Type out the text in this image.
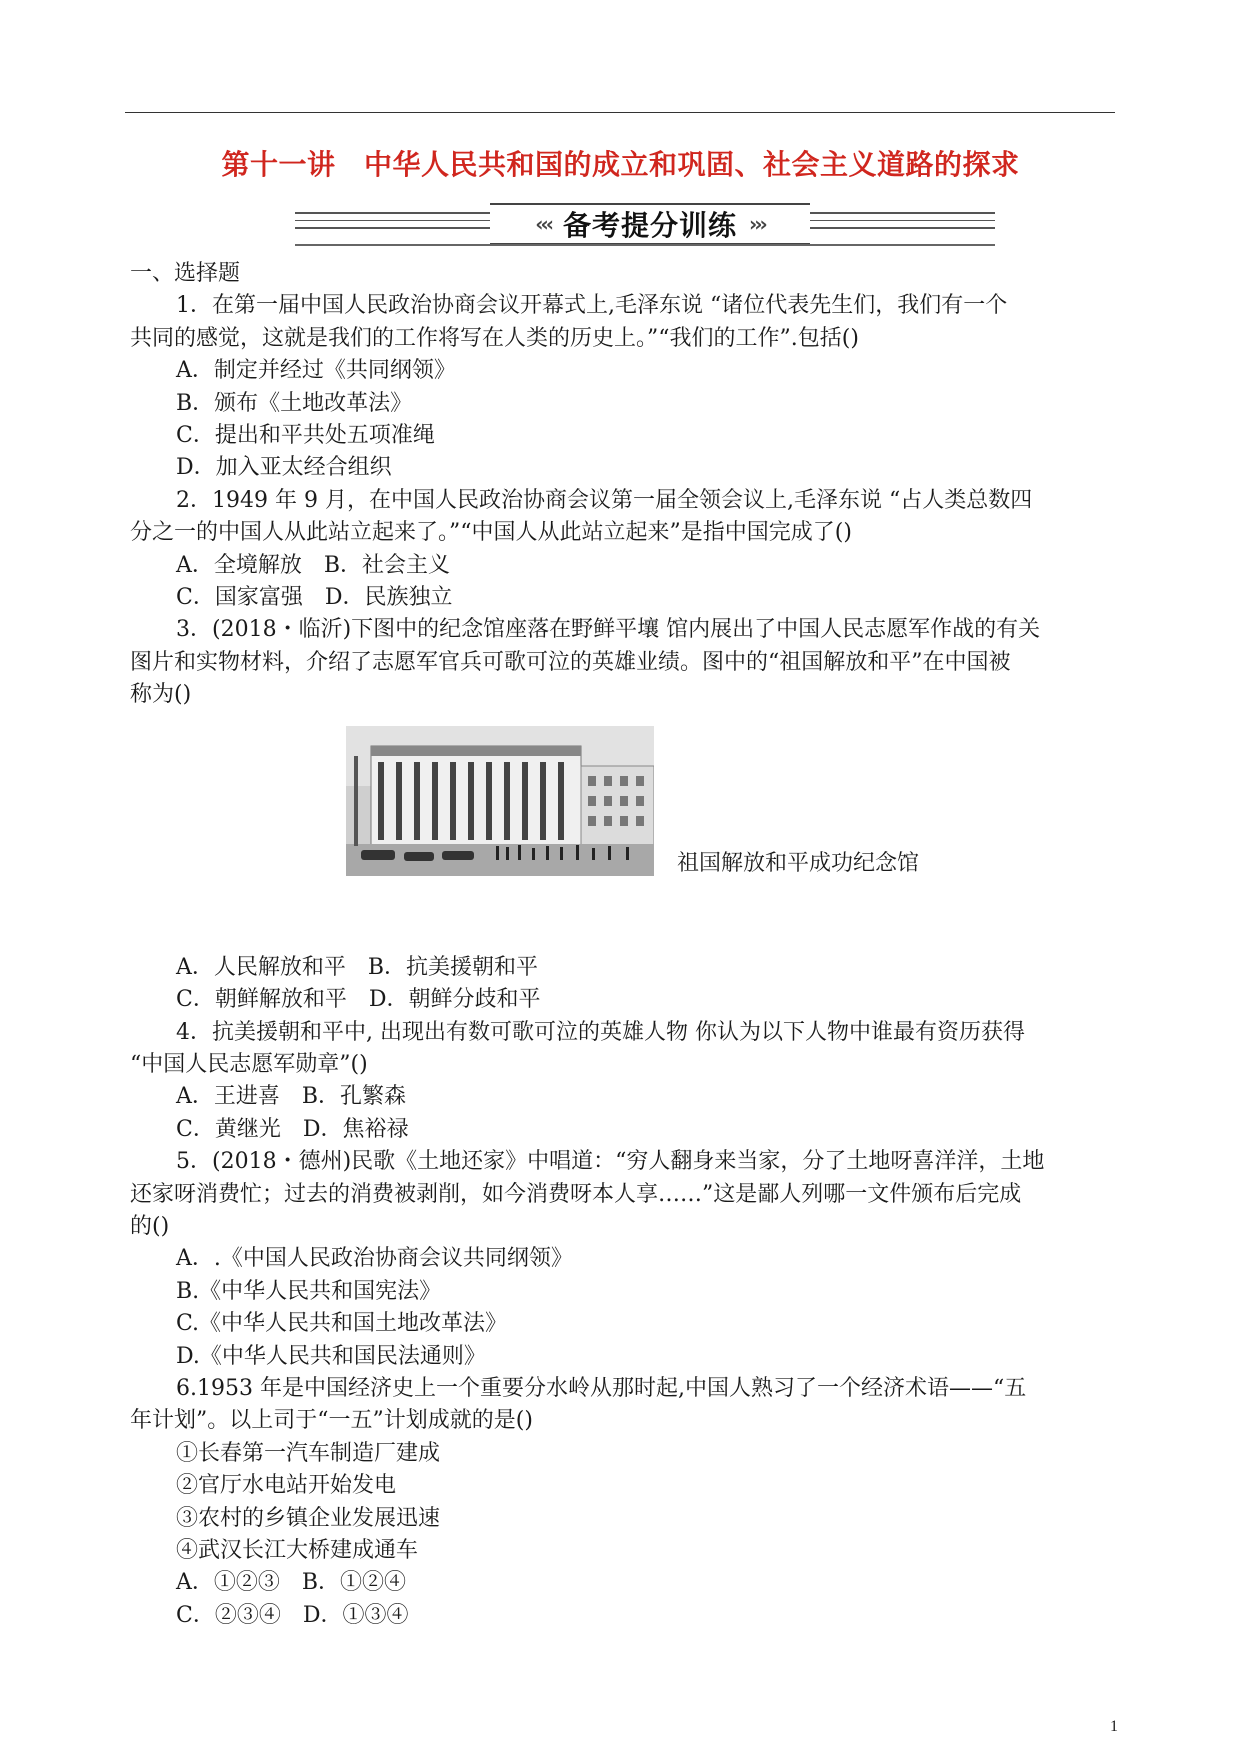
第十一讲　中华人民共和国的成立和巩固、社会主义道路的探求
‹‹‹ 备考提分训练 ›››

一、选择题

1．在第一届中国人民政治协商会议开幕式上,毛泽东说 “诸位代表先生们，我们有一个

共同的感觉，这就是我们的工作将写在人类的历史上。”“我们的工作”.包括()

A．制定并经过《共同纲领》

B．颁布《土地改革法》

C．提出和平共处五项准绳

D．加入亚太经合组织

2．1949 年 9 月，在中国人民政治协商会议第一届全领会议上,毛泽东说 “占人类总数四

分之一的中国人从此站立起来了。”“中国人从此站立起来”是指中国完成了()

A．全境解放　B．社会主义

C．国家富强　D．民族独立

3．(2018・临沂)下图中的纪念馆座落在野鲜平壤 馆内展出了中国人民志愿军作战的有关

图片和实物材料，介绍了志愿军官兵可歌可泣的英雄业绩。图中的“祖国解放和平”在中国被

称为()

祖国解放和平成功纪念馆

A．人民解放和平　B．抗美援朝和平

C．朝鲜解放和平　D．朝鲜分歧和平

4．抗美援朝和平中, 出现出有数可歌可泣的英雄人物 你认为以下人物中谁最有资历获得

“中国人民志愿军勋章”()

A．王进喜　B．孔繁森

C．黄继光　D．焦裕禄

5．(2018・德州)民歌《土地还家》中唱道：“穷人翻身来当家，分了土地呀喜洋洋，土地

还家呀消费忙；过去的消费被剥削，如今消费呀本人享……”这是鄙人列哪一文件颁布后完成

的()

A．.《中国人民政治协商会议共同纲领》

B.《中华人民共和国宪法》

C.《中华人民共和国土地改革法》

D.《中华人民共和国民法通则》

6.1953 年是中国经济史上一个重要分水岭从那时起,中国人熟习了一个经济术语——“五

年计划”。以上司于“一五”计划成就的是()

①长春第一汽车制造厂建成

②官厅水电站开始发电

③农村的乡镇企业发展迅速

④武汉长江大桥建成通车

A．①②③　B．①②④

C．②③④　D．①③④

1
